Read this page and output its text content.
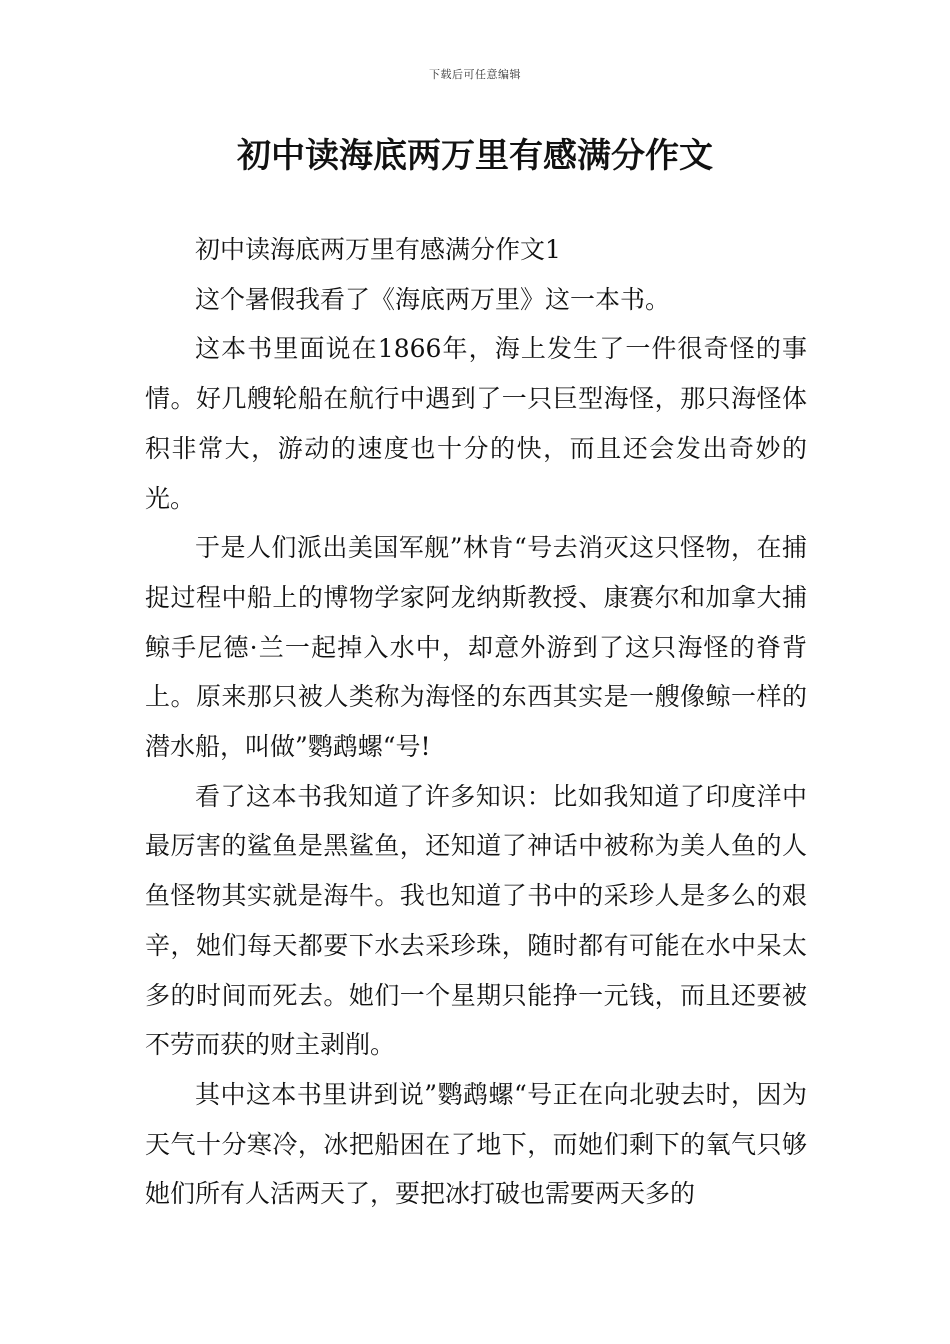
下载后可任意编辑
初中读海底两万里有感满分作文

初中读海底两万里有感满分作文1

这个暑假我看了《海底两万里》这一本书。

这本书里面说在1866年，海上发生了一件很奇怪的事情。好几艘轮船在航行中遇到了一只巨型海怪，那只海怪体积非常大，游动的速度也十分的快，而且还会发出奇妙的光。

于是人们派出美国军舰”林肯“号去消灭这只怪物，在捕捉过程中船上的博物学家阿龙纳斯教授、康赛尔和加拿大捕鲸手尼德·兰一起掉入水中，却意外游到了这只海怪的脊背上。原来那只被人类称为海怪的东西其实是一艘像鲸一样的潜水船，叫做”鹦鹉螺“号!

看了这本书我知道了许多知识：比如我知道了印度洋中最厉害的鲨鱼是黑鲨鱼，还知道了神话中被称为美人鱼的人鱼怪物其实就是海牛。我也知道了书中的采珍人是多么的艰辛，她们每天都要下水去采珍珠，随时都有可能在水中呆太多的时间而死去。她们一个星期只能挣一元钱，而且还要被不劳而获的财主剥削。

其中这本书里讲到说”鹦鹉螺“号正在向北驶去时，因为天气十分寒冷，冰把船困在了地下，而她们剩下的氧气只够她们所有人活两天了，要把冰打破也需要两天多的
